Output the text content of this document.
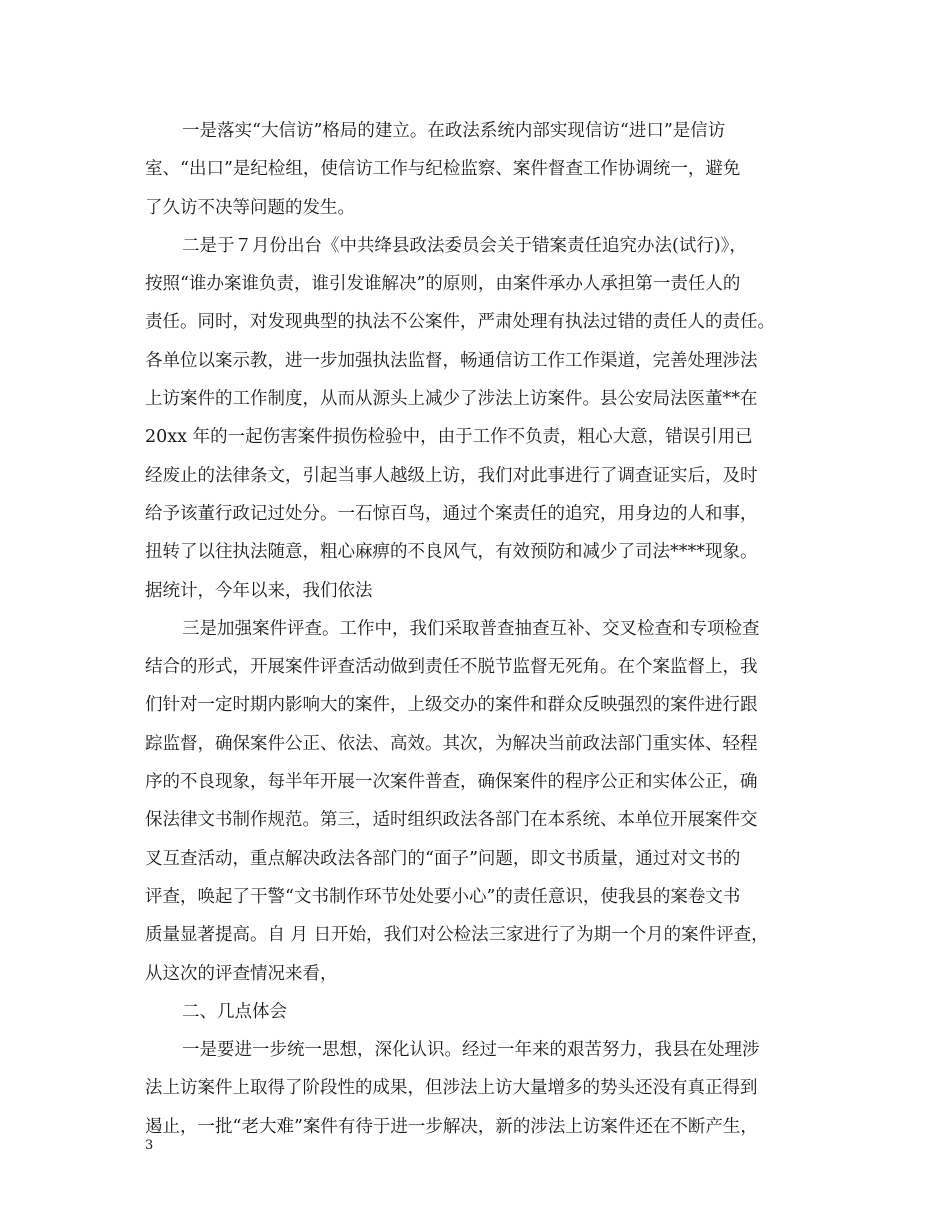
一是落实“大信访”格局的建立。在政法系统内部实现信访“进口”是信访
室、“出口”是纪检组，使信访工作与纪检监察、案件督查工作协调统一，避免
了久访不决等问题的发生。
二是于７月份出台《中共绛县政法委员会关于错案责任追究办法(试行)》，
按照“谁办案谁负责，谁引发谁解决”的原则，由案件承办人承担第一责任人的
责任。同时，对发现典型的执法不公案件，严肃处理有执法过错的责任人的责任。
各单位以案示教，进一步加强执法监督，畅通信访工作工作渠道，完善处理涉法
上访案件的工作制度，从而从源头上减少了涉法上访案件。县公安局法医董**在
20xx 年的一起伤害案件损伤检验中，由于工作不负责，粗心大意，错误引用已
经废止的法律条文，引起当事人越级上访，我们对此事进行了调查证实后，及时
给予该董行政记过处分。一石惊百鸟，通过个案责任的追究，用身边的人和事，
扭转了以往执法随意，粗心麻痹的不良风气，有效预防和减少了司法****现象。
据统计，今年以来，我们依法
三是加强案件评查。工作中，我们采取普查抽查互补、交叉检查和专项检查
结合的形式，开展案件评查活动做到责任不脱节监督无死角。在个案监督上，我
们针对一定时期内影响大的案件，上级交办的案件和群众反映强烈的案件进行跟
踪监督，确保案件公正、依法、高效。其次，为解决当前政法部门重实体、轻程
序的不良现象，每半年开展一次案件普查，确保案件的程序公正和实体公正，确
保法律文书制作规范。第三，适时组织政法各部门在本系统、本单位开展案件交
叉互查活动，重点解决政法各部门的“面子”问题，即文书质量，通过对文书的
评查，唤起了干警“文书制作环节处处要小心”的责任意识，使我县的案卷文书
质量显著提高。自 月 日开始，我们对公检法三家进行了为期一个月的案件评查，
从这次的评查情况来看，
二、几点体会
一是要进一步统一思想，深化认识。经过一年来的艰苦努力，我县在处理涉
法上访案件上取得了阶段性的成果，但涉法上访大量增多的势头还没有真正得到
遏止，一批“老大难”案件有待于进一步解决，新的涉法上访案件还在不断产生，
3
